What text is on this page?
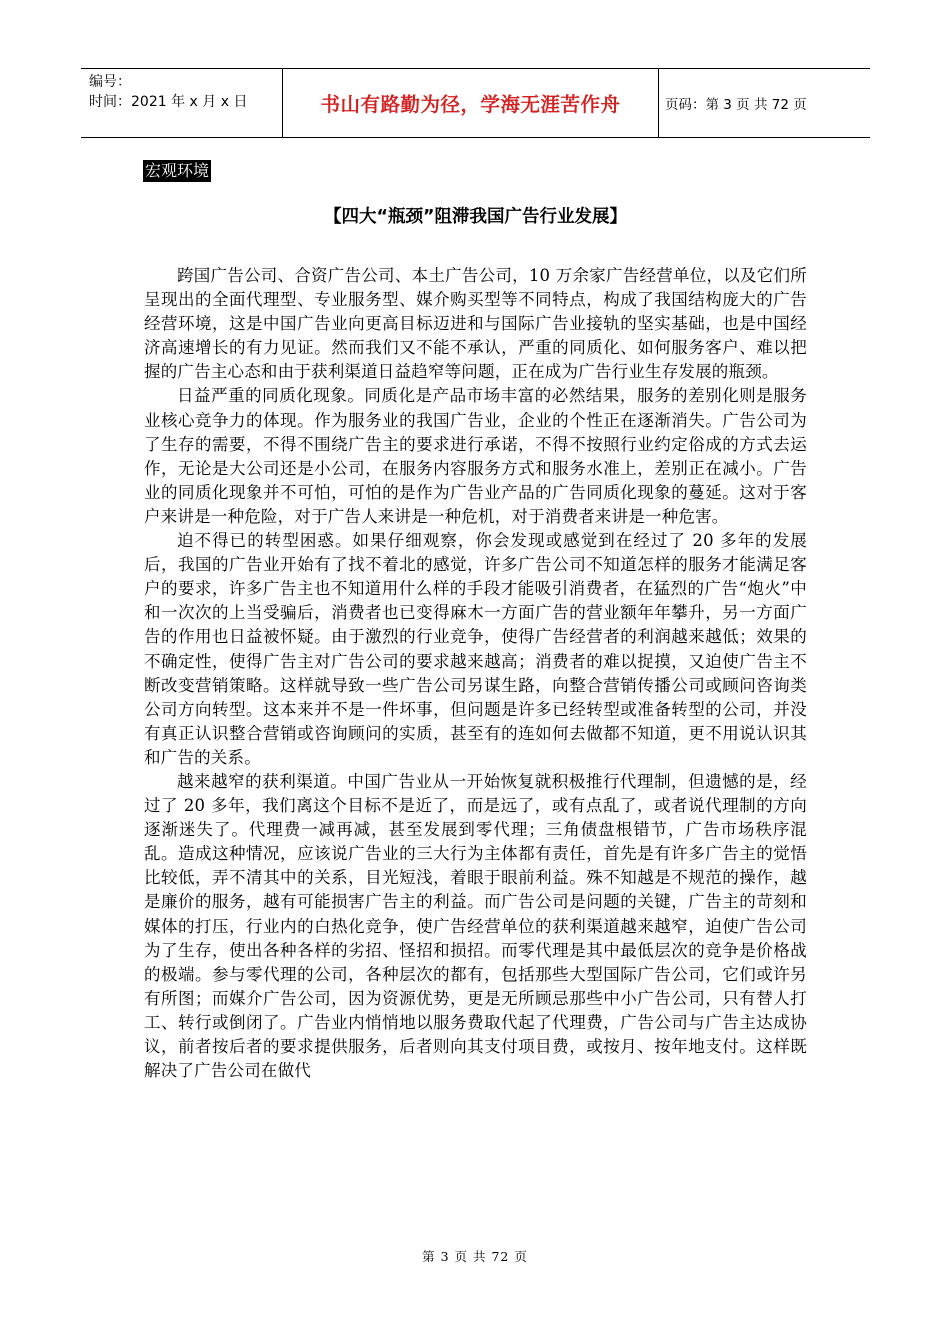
编号：
时间：2021 年 x 月 x 日	书山有路勤为径，学海无涯苦作舟	页码：第 3 页 共 72 页
宏观环境
【四大“瓶颈”阻滞我国广告行业发展】

跨国广告公司、合资广告公司、本土广告公司，10 万余家广告经营单位，以及它们所呈现出的全面代理型、专业服务型、媒介购买型等不同特点，构成了我国结构庞大的广告经营环境，这是中国广告业向更高目标迈进和与国际广告业接轨的坚实基础，也是中国经济高速增长的有力见证。然而我们又不能不承认，严重的同质化、如何服务客户、难以把握的广告主心态和由于获利渠道日益趋窄等问题，正在成为广告行业生存发展的瓶颈。

日益严重的同质化现象。同质化是产品市场丰富的必然结果，服务的差别化则是服务业核心竞争力的体现。作为服务业的我国广告业，企业的个性正在逐渐消失。广告公司为了生存的需要，不得不围绕广告主的要求进行承诺，不得不按照行业约定俗成的方式去运作，无论是大公司还是小公司，在服务内容服务方式和服务水准上，差别正在减小。广告业的同质化现象并不可怕，可怕的是作为广告业产品的广告同质化现象的蔓延。这对于客户来讲是一种危险，对于广告人来讲是一种危机，对于消费者来讲是一种危害。

迫不得已的转型困惑。如果仔细观察，你会发现或感觉到在经过了 20 多年的发展后，我国的广告业开始有了找不着北的感觉，许多广告公司不知道怎样的服务才能满足客户的要求，许多广告主也不知道用什么样的手段才能吸引消费者，在猛烈的广告“炮火”中和一次次的上当受骗后，消费者也已变得麻木一方面广告的营业额年年攀升，另一方面广告的作用也日益被怀疑。由于激烈的行业竞争，使得广告经营者的利润越来越低；效果的不确定性，使得广告主对广告公司的要求越来越高；消费者的难以捉摸，又迫使广告主不断改变营销策略。这样就导致一些广告公司另谋生路，向整合营销传播公司或顾问咨询类公司方向转型。这本来并不是一件坏事，但问题是许多已经转型或准备转型的公司，并没有真正认识整合营销或咨询顾问的实质，甚至有的连如何去做都不知道，更不用说认识其和广告的关系。

越来越窄的获利渠道。中国广告业从一开始恢复就积极推行代理制，但遗憾的是，经过了 20 多年，我们离这个目标不是近了，而是远了，或有点乱了，或者说代理制的方向逐渐迷失了。代理费一减再减，甚至发展到零代理；三角债盘根错节，广告市场秩序混乱。造成这种情况，应该说广告业的三大行为主体都有责任，首先是有许多广告主的觉悟比较低，弄不清其中的关系，目光短浅，着眼于眼前利益。殊不知越是不规范的操作，越是廉价的服务，越有可能损害广告主的利益。而广告公司是问题的关键，广告主的苛刻和媒体的打压，行业内的白热化竞争，使广告经营单位的获利渠道越来越窄，迫使广告公司为了生存，使出各种各样的劣招、怪招和损招。而零代理是其中最低层次的竞争是价格战的极端。参与零代理的公司，各种层次的都有，包括那些大型国际广告公司，它们或许另有所图；而媒介广告公司，因为资源优势，更是无所顾忌那些中小广告公司，只有替人打工、转行或倒闭了。广告业内悄悄地以服务费取代起了代理费，广告公司与广告主达成协议，前者按后者的要求提供服务，后者则向其支付项目费，或按月、按年地支付。这样既解决了广告公司在做代

第 3 页 共 72 页
